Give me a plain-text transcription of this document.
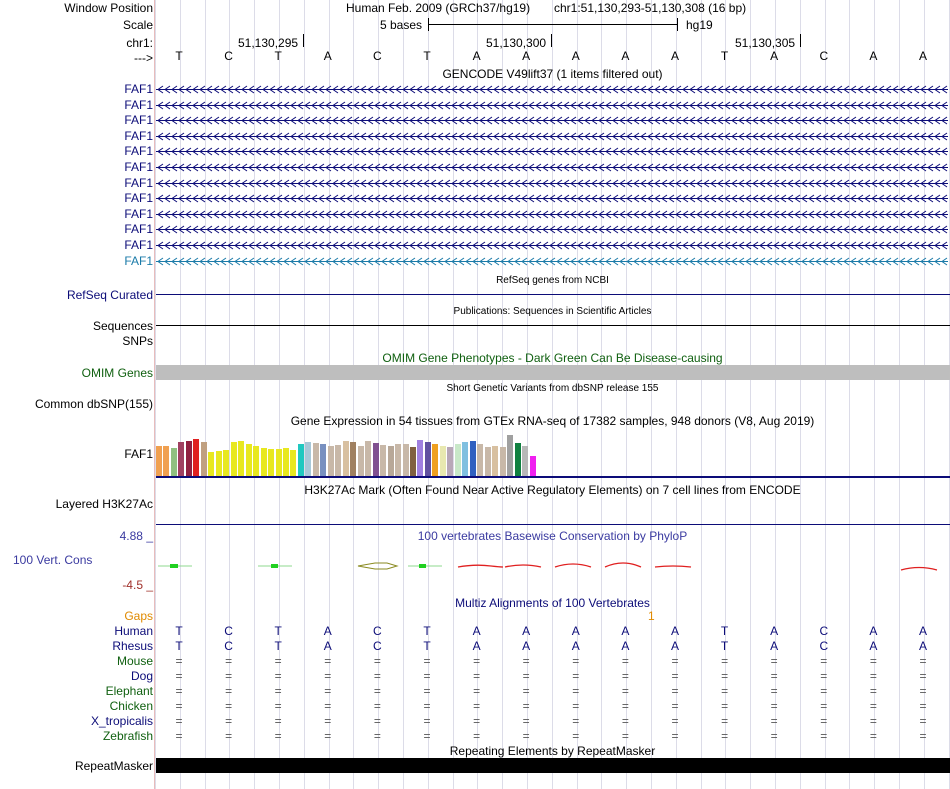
Window Position	Human Feb. 2009 (GRCh37/hg19) chr1:51,130,293-51,130,308 (16 bp)
Scale	5 bases	hg19
chr1:	51,130,295	51,130,300	51,130,305
--->	T	C	T	A	C	T	A	A	A	A	A	T	A	C	A	A
GENCODE V49lift37 (1 items filtered out)
FAF1
FAF1
FAF1
FAF1
FAF1
FAF1
FAF1
FAF1
FAF1
FAF1
FAF1
FAF1
RefSeq genes from NCBI
RefSeq Curated
Publications: Sequences in Scientific Articles
Sequences
SNPs
OMIM Gene Phenotypes - Dark Green Can Be Disease-causing
OMIM Genes
Short Genetic Variants from dbSNP release 155
Common dbSNP(155)
Gene Expression in 54 tissues from GTEx RNA-seq of 17382 samples, 948 donors (V8, Aug 2019)
FAF1
H3K27Ac Mark (Often Found Near Active Regulatory Elements) on 7 cell lines from ENCODE
Layered H3K27Ac
100 vertebrates Basewise Conservation by PhyloP
4.88 _
100 Vert. Cons
-4.5 _
Multiz Alignments of 100 Vertebrates
Gaps	1
Human	T	C	T	A	C	T	A	A	A	A	A	T	A	C	A	A
Rhesus	T	C	T	A	C	T	A	A	A	A	A	T	A	C	A	A
Mouse	=	=	=	=	=	=	=	=	=	=	=	=	=	=	=	=
Dog	=	=	=	=	=	=	=	=	=	=	=	=	=	=	=	=
Elephant	=	=	=	=	=	=	=	=	=	=	=	=	=	=	=	=
Chicken	=	=	=	=	=	=	=	=	=	=	=	=	=	=	=	=
X_tropicalis	=	=	=	=	=	=	=	=	=	=	=	=	=	=	=	=
Zebrafish	=	=	=	=	=	=	=	=	=	=	=	=	=	=	=	=
Repeating Elements by RepeatMasker
RepeatMasker
